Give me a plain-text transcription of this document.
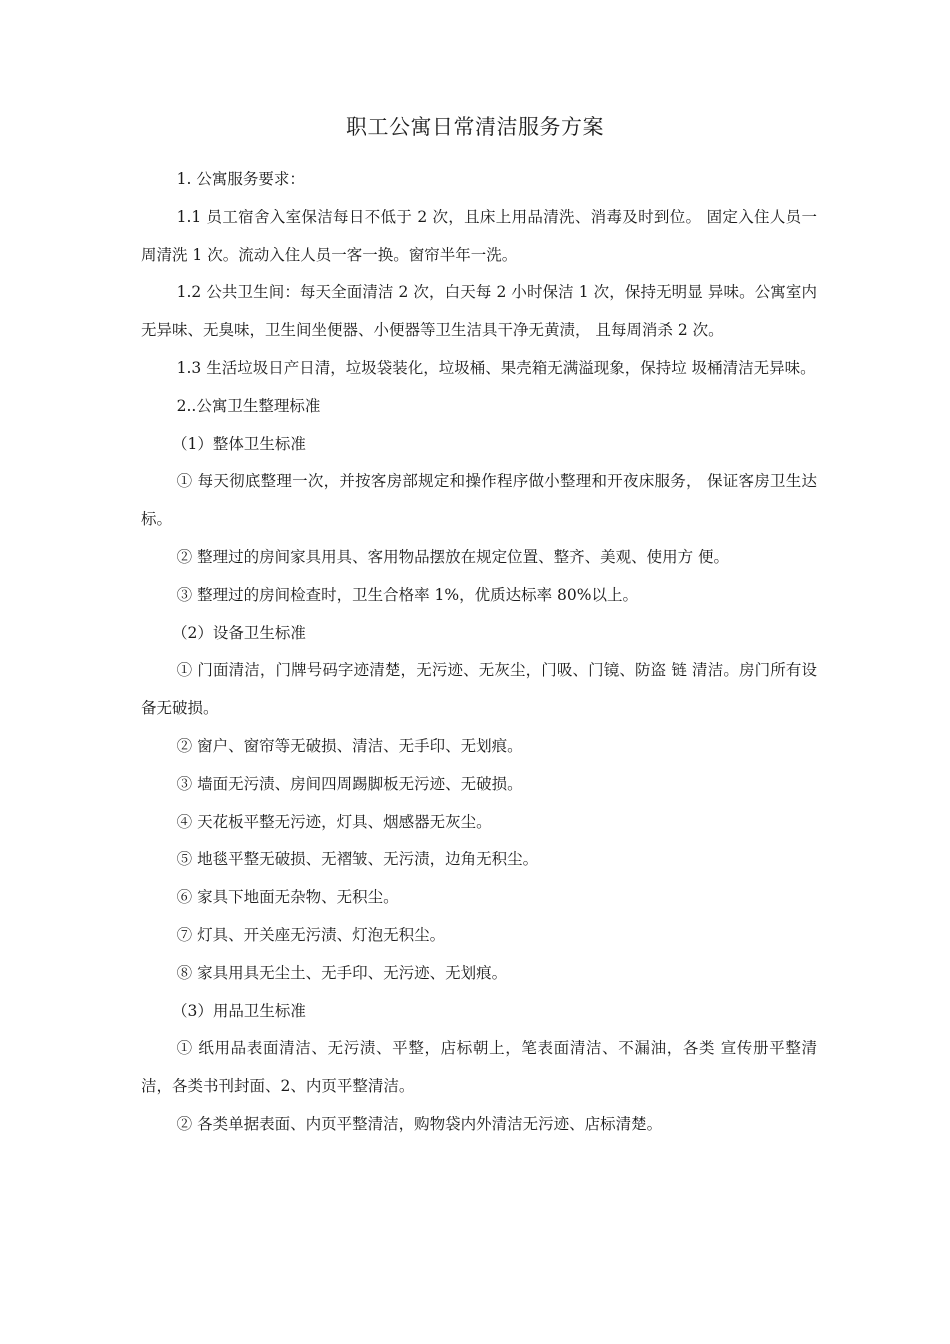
职工公寓日常清洁服务方案

1. 公寓服务要求：

1.1 员工宿舍入室保洁每日不低于 2 次，且床上用品清洗、消毒及时到位。 固定入住人员一周清洗 1 次。流动入住人员一客一换。窗帘半年一洗。

1.2 公共卫生间：每天全面清洁 2 次，白天每 2 小时保洁 1 次，保持无明显 异味。公寓室内无异味、无臭味，卫生间坐便器、小便器等卫生洁具干净无黄渍， 且每周消杀 2 次。

1.3 生活垃圾日产日清，垃圾袋装化，垃圾桶、果壳箱无满溢现象，保持垃 圾桶清洁无异味。

2..公寓卫生整理标准

（1）整体卫生标准

① 每天彻底整理一次，并按客房部规定和操作程序做小整理和开夜床服务， 保证客房卫生达标。

② 整理过的房间家具用具、客用物品摆放在规定位置、整齐、美观、使用方 便。

③ 整理过的房间检查时，卫生合格率 1%，优质达标率 80%以上。

（2）设备卫生标准

① 门面清洁，门牌号码字迹清楚，无污迹、无灰尘，门吸、门镜、防盗 链 清洁。房门所有设备无破损。

② 窗户、窗帘等无破损、清洁、无手印、无划痕。

③ 墙面无污渍、房间四周踢脚板无污迹、无破损。

④ 天花板平整无污迹，灯具、烟感器无灰尘。

⑤ 地毯平整无破损、无褶皱、无污渍，边角无积尘。

⑥ 家具下地面无杂物、无积尘。

⑦ 灯具、开关座无污渍、灯泡无积尘。

⑧ 家具用具无尘土、无手印、无污迹、无划痕。

（3）用品卫生标准

① 纸用品表面清洁、无污渍、平整，店标朝上，笔表面清洁、不漏油，各类 宣传册平整清洁，各类书刊封面、2、内页平整清洁。

② 各类单据表面、内页平整清洁，购物袋内外清洁无污迹、店标清楚。
